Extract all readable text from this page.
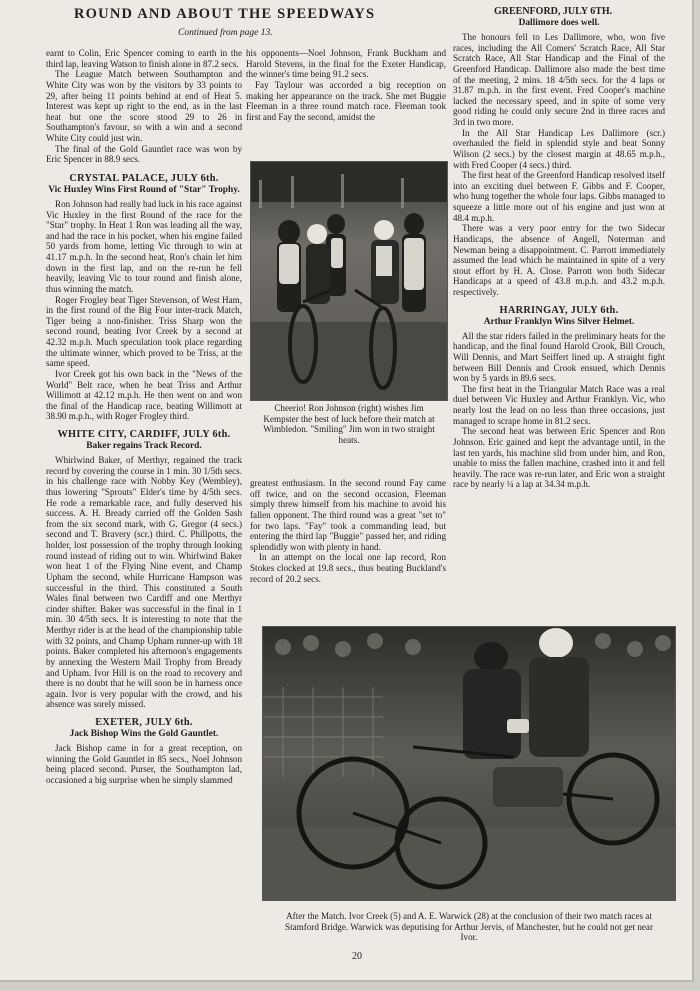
ROUND AND ABOUT THE SPEEDWAYS
Continued from page 13.

earnt to Colin, Eric Spencer coming to earth in the third lap, leaving Watson to finish alone in 87.2 secs.

The League Match between Southampton and White City was won by the visitors by 33 points to 29, after being 11 points behind at end of Heat 5. Interest was kept up right to the end, as in the last heat but one the score stood 29 to 26 in Southampton's favour, so with a win and a second White City could just win.

The final of the Gold Gauntlet race was won by Eric Spencer in 88.9 secs.

CRYSTAL PALACE, JULY 6th.
Vic Huxley Wins First Round of "Star" Trophy.

Ron Johnson had really bad luck in his race against Vic Huxley in the first Round of the race for the "Star" trophy. In Heat 1 Ron was leading all the way, and had the race in his pocket, when his engine failed 50 yards from home, letting Vic through to win at 41.17 m.p.h. In the second heat, Ron's chain let him down in the first lap, and on the re-run he fell heavily, leaving Vic to tour round and finish alone, thus winning the match.

Roger Frogley beat Tiger Stevenson, of West Ham, in the first round of the Big Four inter-track Match, Tiger being a non-finisher. Triss Sharp won the second round, beating Ivor Creek by a second at 42.32 m.p.h. Much speculation took place regarding the ultimate winner, which proved to be Triss, at the same speed.

Ivor Creek got his own back in the "News of the World" Belt race, when he beat Triss and Arthur Willimott at 42.12 m.p.h. He then went on and won the final of the Handicap race, beating Willimott at 38.90 m.p.h., with Roger Frogley third.

WHITE CITY, CARDIFF, JULY 6th.
Baker regains Track Record.

Whirlwind Baker, of Merthyr, regained the track record by covering the course in 1 min. 30 1/5th secs. in his challenge race with Nobby Key (Wembley), thus lowering "Sprouts" Elder's time by 4/5th secs. He rode a remarkable race, and fully deserved his success. A. H. Bready carried off the Golden Sash from the six second mark, with G. Gregor (4 secs.) second and T. Bravery (scr.) third. C. Phillpotts, the holder, lost possession of the trophy through looking round instead of riding out to win. Whirlwind Baker won heat 1 of the Flying Nine event, and Champ Upham the second, while Hurricane Hampson was successful in the third. This constituted a South Wales final between two Cardiff and one Merthyr cinder shifter. Baker was successful in the final in 1 min. 30 4/5th secs. It is interesting to note that the Merthyr rider is at the head of the championship table with 32 points, and Champ Upham runner-up with 18 points. Baker completed his afternoon's engagements by annexing the Western Mail Trophy from Bready and Upham. Ivor Hill is on the road to recovery and there is no doubt that he will soon be in harness once again. Ivor is very popular with the crowd, and his absence was sorely missed.

EXETER, JULY 6th.
Jack Bishop Wins the Gold Gauntlet.

Jack Bishop came in for a great reception, on winning the Gold Gauntlet in 85 secs., Noel Johnson being placed second. Purser, the Southampton lad, occasioned a big surprise when he simply slammed

his opponents—Noel Johnson, Frank Buckham and Harold Stevens, in the final for the Exeter Handicap, the winner's time being 91.2 secs.

Fay Taylour was accorded a big reception on making her appearance on the track. She met Buggie Fleeman in a three round match race. Fleeman took first and Fay the second, amidst the

Cheerio! Ron Johnson (right) wishes Jim Kempster the best of luck before their match at Wimbledon. "Smiling" Jim won in two straight heats.

greatest enthusiasm. In the second round Fay came off twice, and on the second occasion, Fleeman simply threw himself from his machine to avoid his fallen opponent. The third round was a great "set to" for two laps. "Fay" took a commanding lead, but entering the third lap "Buggie" passed her, and riding splendidly won with plenty in hand.

In an attempt on the local one lap record, Ron Stokes clocked at 19.8 secs., thus beating Buckland's record of 20.2 secs.

GREENFORD, JULY 6TH.
Dallimore does well.

The honours fell to Les Dallimore, who, won five races, including the All Comers' Scratch Race, All Star Scratch Race, All Star Handicap and the Final of the Greenford Handicap. Dallimore also made the best time of the meeting, 2 mins. 18 4/5th secs. for the 4 laps or 31.87 m.p.h. in the first event. Fred Cooper's machine lacked the necessary speed, and in spite of some very good riding he could only secure 2nd in three races and 3rd in two more.

In the All Star Handicap Les Dallimore (scr.) overhauled the field in splendid style and beat Sonny Wilson (2 secs.) by the closest margin at 48.65 m.p.h., with Fred Cooper (4 secs.) third.

The first heat of the Greenford Handicap resolved itself into an exciting duel between F. Gibbs and F. Cooper, who hung together the whole four laps. Gibbs managed to squeeze a little more out of his engine and just won at 48.4 m.p.h.

There was a very poor entry for the two Sidecar Handicaps, the absence of Angell, Noterman and Newman being a disappointment. C. Parrott immediately assumed the lead which he maintained in spite of a very stout effort by H. A. Close. Parrott won both Sidecar Handicaps at a speed of 43.8 m.p.h. and 43.2 m.p.h. respectively.

HARRINGAY, JULY 6th.
Arthur Franklyn Wins Silver Helmet.

All the star riders failed in the preliminary heats for the handicap, and the final found Harold Crook, Bill Crouch, Will Dennis, and Mart Seiffert lined up. A straight fight between Bill Dennis and Crook ensued, which Dennis won by 5 yards in 89.6 secs.

The first heat in the Triangular Match Race was a real duel between Vic Huxley and Arthur Franklyn. Vic, who nearly lost the lead on no less than three occasions, just managed to scrape home in 81.2 secs.

The second heat was between Eric Spencer and Ron Johnson. Eric gained and kept the advantage until, in the last ten yards, his machine slid from under him, and Ron, unable to miss the fallen machine, crashed into it and fell heavily. The race was re-run later, and Eric won a straight race by nearly ¼ a lap at 34.34 m.p.h.

After the Match. Ivor Creek (5) and A. E. Warwick (28) at the conclusion of their two match races at Stamford Bridge. Warwick was deputising for Arthur Jervis, of Manchester, but he could not get near Ivor.
20
